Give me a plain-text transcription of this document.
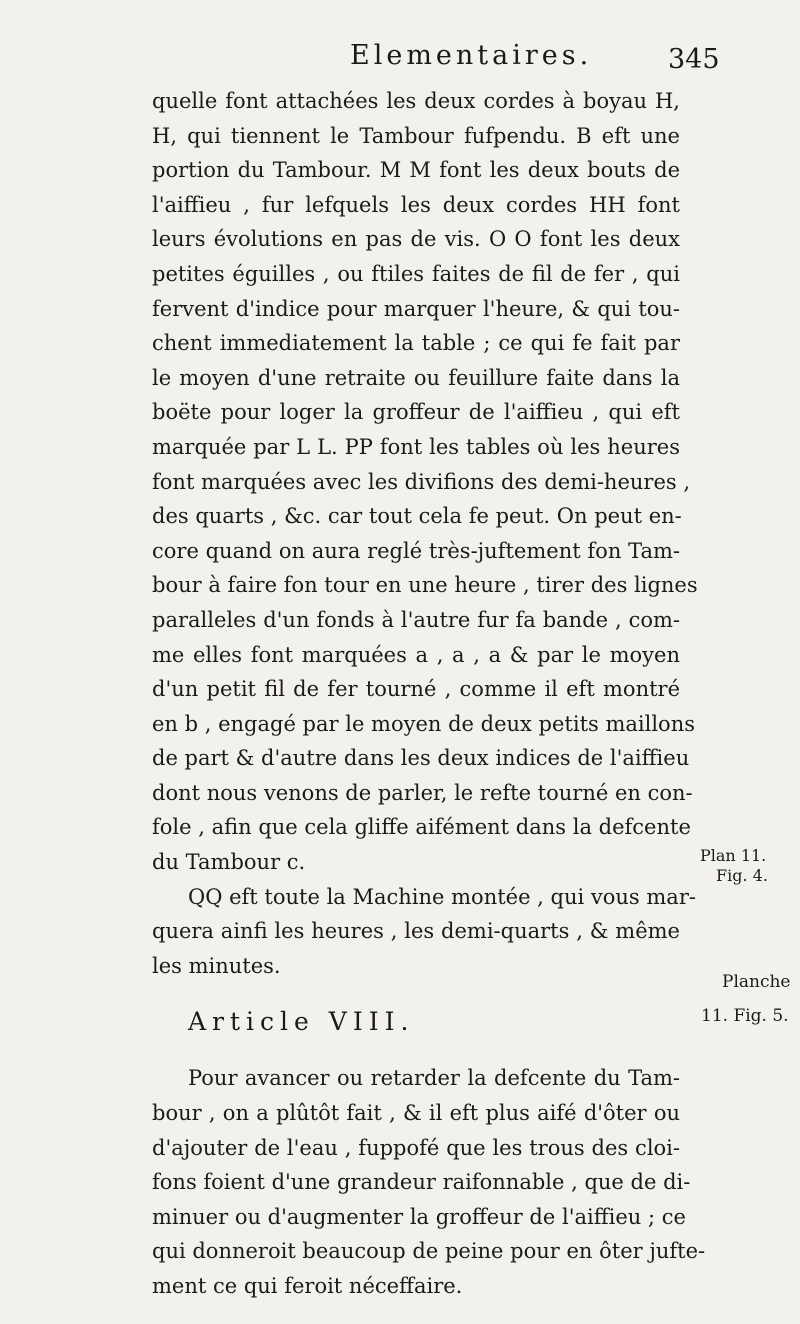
Elementaires.	345
quelle font attachées les deux cordes à boyau H,
H, qui tiennent le Tambour fufpendu. B eft une
portion du Tambour. M M font les deux bouts de
l'aiffieu , fur lefquels les deux cordes HH font
leurs évolutions en pas de vis. O O font les deux
petites éguilles , ou ftiles faites de fil de fer , qui
fervent d'indice pour marquer l'heure, & qui tou-
chent immediatement la table ; ce qui fe fait par
le moyen d'une retraite ou feuillure faite dans la
boëte pour loger la groffeur de l'aiffieu , qui eft
marquée par L L. PP font les tables où les heures
font marquées avec les divifions des demi-heures ,
des quarts , &c. car tout cela fe peut. On peut en-
core quand on aura reglé très-juftement fon Tam-
bour à faire fon tour en une heure , tirer des lignes
paralleles d'un fonds à l'autre fur fa bande , com-
me elles font marquées a , a , a & par le moyen
d'un petit fil de fer tourné , comme il eft montré
en b , engagé par le moyen de deux petits maillons
de part & d'autre dans les deux indices de l'aiffieu
dont nous venons de parler, le refte tourné en con-
fole , afin que cela gliffe aifément dans la defcente
du Tambour c.
QQ eft toute la Machine montée , qui vous mar-
quera ainfi les heures , les demi-quarts , & même
les minutes.
Article VIII.
Pour avancer ou retarder la defcente du Tam-
bour , on a plûtôt fait , & il eft plus aifé d'ôter ou
d'ajouter de l'eau , fuppofé que les trous des cloi-
fons foient d'une grandeur raifonnable , que de di-
minuer ou d'augmenter la groffeur de l'aiffieu ; ce
qui donneroit beaucoup de peine pour en ôter jufte-
ment ce qui feroit néceffaire.
Plan 11.
Fig. 4.
Planche
11. Fig. 5.
